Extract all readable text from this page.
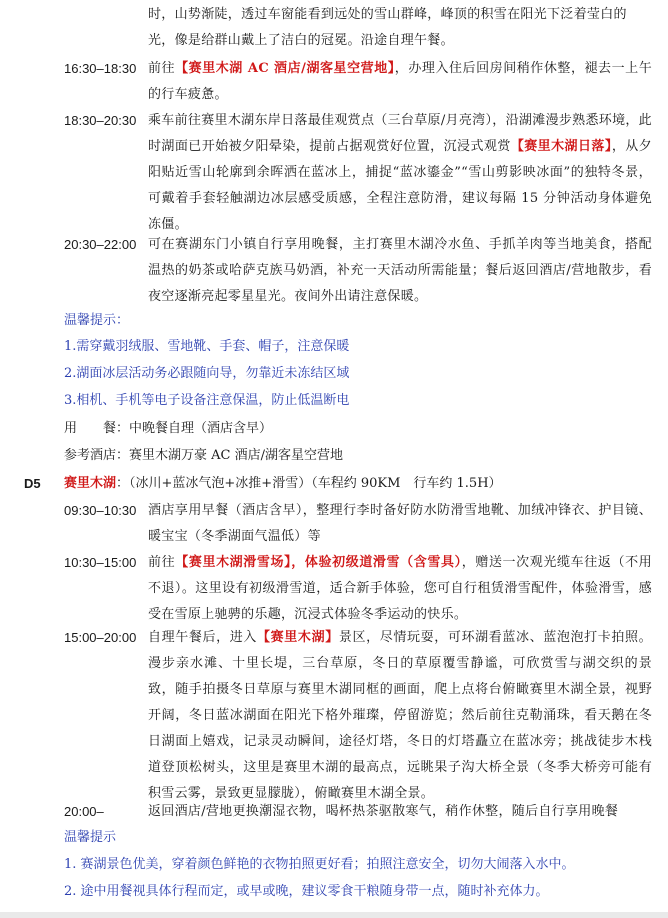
时，山势渐陡，透过车窗能看到远处的雪山群峰，峰顶的积雪在阳光下泛着莹白的
光，像是给群山戴上了洁白的冠冕。沿途自理午餐。
16:30–18:30 前往【赛里木湖 AC 酒店/湖客星空营地】，办理入住后回房间稍作休整，褪去一上午的行车疲惫。
18:30–20:30 乘车前往赛里木湖东岸日落最佳观赏点（三台草原/月亮湾），沿湖滩漫步熟悉环境，此时湖面已开始被夕阳晕染，提前占据观赏好位置，沉浸式观赏【赛里木湖日落】，从夕阳贴近雪山轮廓到余晖洒在蓝冰上，捕捉“蓝冰鎏金”“雪山剪影映冰面”的独特冬景，可戴着手套轻触湖边冰层感受质感，全程注意防滑，建议每隔 15 分钟活动身体避免冻僵。
20:30–22:00 可在赛湖东门小镇自行享用晚餐，主打赛里木湖冷水鱼、手抓羊肉等当地美食，搭配温热的奶茶或哈萨克族马奶酒，补充一天活动所需能量；餐后返回酒店/营地散步，看夜空逐渐亮起零星星光。夜间外出请注意保暖。
温馨提示：
1.需穿戴羽绒服、雪地靴、手套、帽子，注意保暖
2.湖面冰层活动务必跟随向导，勿靠近未冻结区域
3.相机、手机等电子设备注意保温，防止低温断电
用　　餐：中晚餐自理（酒店含早）
参考酒店：赛里木湖万豪 AC 酒店/湖客星空营地
D5 赛里木湖：（冰川+蓝冰气泡+冰推+滑雪）（车程约 90KM　行车约 1.5H）
09:30–10:30 酒店享用早餐（酒店含早），整理行李时备好防水防滑雪地靴、加绒冲锋衣、护目镜、暖宝宝（冬季湖面气温低）等
10:30–15:00 前往【赛里木湖滑雪场】，体验初级道滑雪（含雪具），赠送一次观光缆车往返（不用不退）。这里设有初级滑雪道，适合新手体验，您可自行租赁滑雪配件，体验滑雪，感受在雪原上驰骋的乐趣，沉浸式体验冬季运动的快乐。
15:00–20:00 自理午餐后，进入【赛里木湖】景区，尽情玩耍，可环湖看蓝冰、蓝泡泡打卡拍照。漫步亲水滩、十里长堤，三台草原，冬日的草原覆雪静谧，可欣赏雪与湖交织的景致，随手拍摄冬日草原与赛里木湖同框的画面，爬上点将台俯瞰赛里木湖全景，视野开阔，冬日蓝冰湖面在阳光下格外璀璨，停留游览；然后前往克勒涌珠，看天鹅在冬日湖面上嬉戏，记录灵动瞬间，途径灯塔，冬日的灯塔矗立在蓝冰旁；挑战徒步木栈道登顶松树头，这里是赛里木湖的最高点，远眺果子沟大桥全景（冬季大桥旁可能有积雪云雾，景致更显朦胧），俯瞰赛里木湖全景。
20:00–	返回酒店/营地更换潮湿衣物，喝杯热茶驱散寒气，稍作休整，随后自行享用晚餐
温馨提示
1. 赛湖景色优美，穿着颜色鲜艳的衣物拍照更好看；拍照注意安全，切勿大闹落入水中。
2. 途中用餐视具体行程而定，或早或晚，建议零食干粮随身带一点，随时补充体力。
